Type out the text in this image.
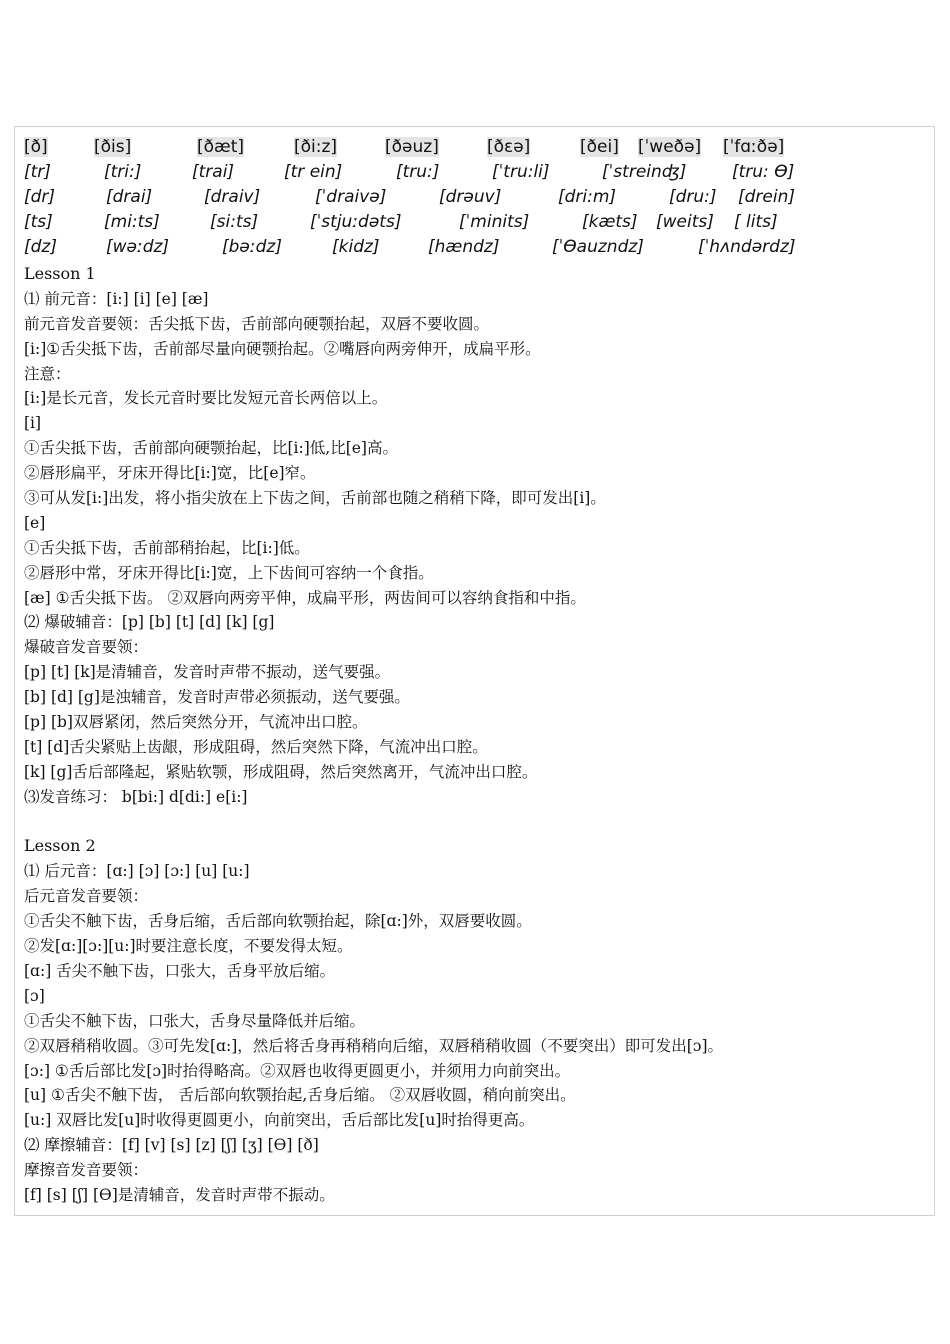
[ð]	[ðis]	[ðæt]	[ði:z]	[ðəuz]	[ðɛə]	[ðei] [ˈweðə] [ˈfɑːðə]
[tr]	[tri:]	[trai]	[tr ein]	[tru:]	[ˈtru:li]	[ˈstreinʤ]	[tru: Ɵ]
[dr]	[drai]	[draiv]	[ˈdraivə]	[drəuv]	[dri:m]	[dru:] [drein]
[ts]	[mi:ts]	[si:ts]	[ˈstjuːdəts]	[ˈminits]	[kæts] [weits] [ lits]
[dz]	[wəːdz]	[bəːdz]	[kidz]	[hændz]	[ˈƟauzndz]	[ˈhʌndərdz]
Lesson 1
⑴ 前元音：[i:] [i] [e] [æ]
前元音发音要领：舌尖抵下齿，舌前部向硬颚抬起，双唇不要收圆。
[i:]①舌尖抵下齿，舌前部尽量向硬颚抬起。②嘴唇向两旁伸开，成扁平形。
注意：
[i:]是长元音，发长元音时要比发短元音长两倍以上。
[i]
①舌尖抵下齿，舌前部向硬颚抬起，比[i:]低,比[e]高。
②唇形扁平，牙床开得比[i:]宽，比[e]窄。
③可从发[i:]出发，将小指尖放在上下齿之间，舌前部也随之稍稍下降，即可发出[i]。
[e]
①舌尖抵下齿，舌前部稍抬起，比[i:]低。
②唇形中常，牙床开得比[i:]宽，上下齿间可容纳一个食指。
[æ] ①舌尖抵下齿。 ②双唇向两旁平伸，成扁平形，两齿间可以容纳食指和中指。
⑵ 爆破辅音：[p] [b] [t] [d] [k] [g]
爆破音发音要领：
[p] [t] [k]是清辅音，发音时声带不振动，送气要强。
[b] [d] [g]是浊辅音，发音时声带必须振动，送气要强。
[p] [b]双唇紧闭，然后突然分开，气流冲出口腔。
[t] [d]舌尖紧贴上齿龈，形成阻碍，然后突然下降，气流冲出口腔。
[k] [g]舌后部隆起，紧贴软颚，形成阻碍，然后突然离开，气流冲出口腔。
⑶发音练习： b[bi:] d[di:] e[i:]
Lesson 2
⑴ 后元音：[ɑ:] [ɔ] [ɔ:] [u] [u:]
后元音发音要领：
①舌尖不触下齿，舌身后缩，舌后部向软颚抬起，除[ɑ:]外，双唇要收圆。
②发[ɑ:][ɔ:][u:]时要注意长度，不要发得太短。
[ɑ:] 舌尖不触下齿，口张大，舌身平放后缩。
[ɔ]
①舌尖不触下齿，口张大，舌身尽量降低并后缩。
②双唇稍稍收圆。③可先发[ɑ:]，然后将舌身再稍稍向后缩，双唇稍稍收圆（不要突出）即可发出[ɔ]。
[ɔ:] ①舌后部比发[ɔ]时抬得略高。②双唇也收得更圆更小，并须用力向前突出。
[u] ①舌尖不触下齿， 舌后部向软颚抬起,舌身后缩。 ②双唇收圆，稍向前突出。
[u:] 双唇比发[u]时收得更圆更小，向前突出，舌后部比发[u]时抬得更高。
⑵ 摩擦辅音：[f] [v] [s] [z] [ʃ] [ʒ] [Ɵ] [ð]
摩擦音发音要领：
[f] [s] [ʃ] [Ɵ]是清辅音，发音时声带不振动。
